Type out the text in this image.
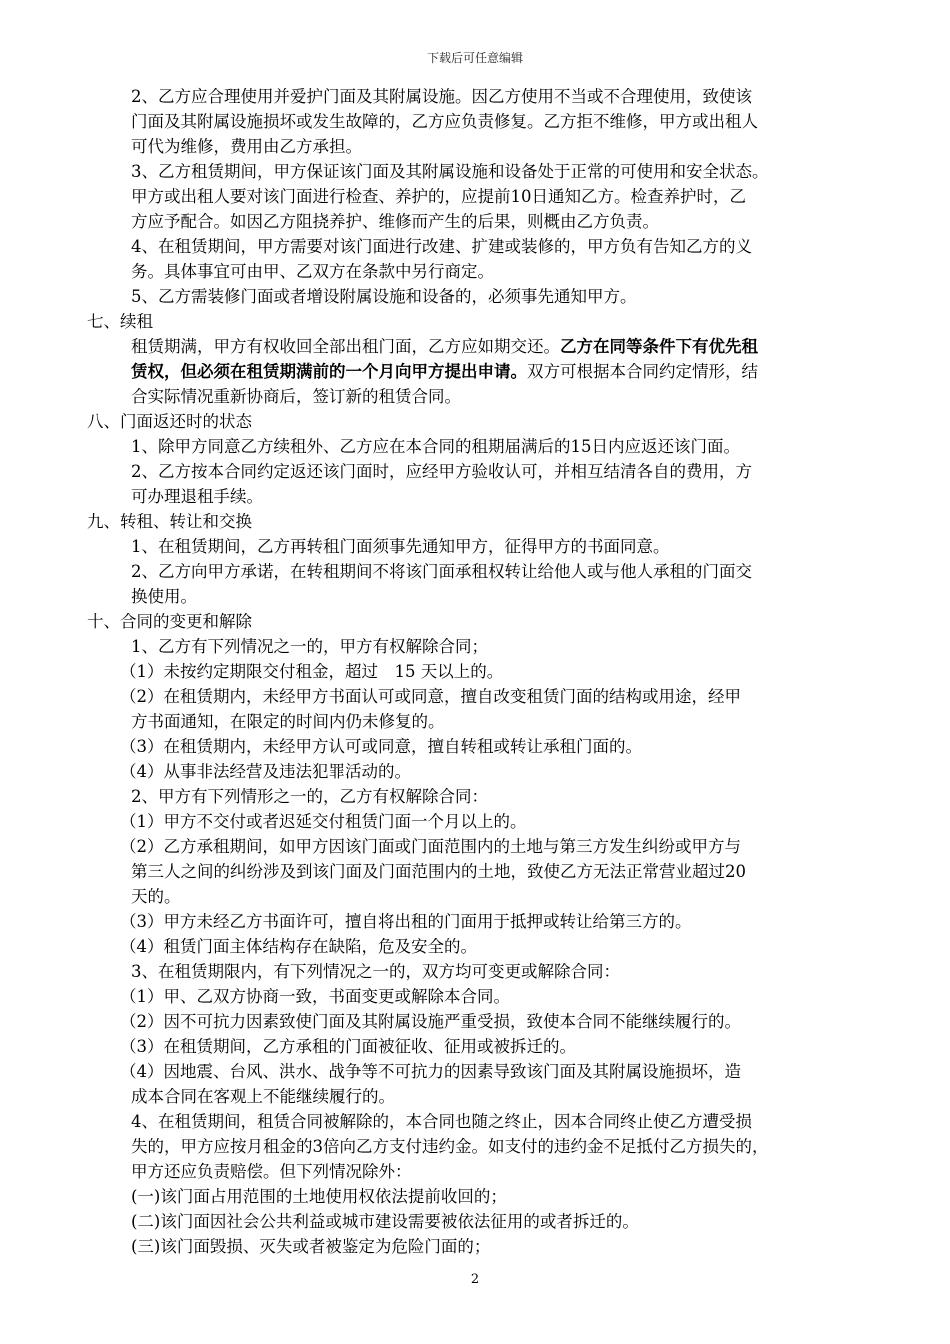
下载后可任意编辑
2、乙方应合理使用并爱护门面及其附属设施。因乙方使用不当或不合理使用，致使该
门面及其附属设施损坏或发生故障的，乙方应负责修复。乙方拒不维修，甲方或出租人
可代为维修，费用由乙方承担。
3、乙方租赁期间，甲方保证该门面及其附属设施和设备处于正常的可使用和安全状态。
甲方或出租人要对该门面进行检查、养护的，应提前10日通知乙方。检查养护时，乙
方应予配合。如因乙方阻挠养护、维修而产生的后果，则概由乙方负责。
4、在租赁期间，甲方需要对该门面进行改建、扩建或装修的，甲方负有告知乙方的义
务。具体事宜可由甲、乙双方在条款中另行商定。
5、乙方需装修门面或者增设附属设施和设备的，必须事先通知甲方。
七、续租
租赁期满，甲方有权收回全部出租门面，乙方应如期交还。乙方在同等条件下有优先租
赁权，但必须在租赁期满前的一个月向甲方提出申请。双方可根据本合同约定情形，结
合实际情况重新协商后，签订新的租赁合同。
八、门面返还时的状态
1、除甲方同意乙方续租外、乙方应在本合同的租期届满后的15日内应返还该门面。
2、乙方按本合同约定返还该门面时，应经甲方验收认可，并相互结清各自的费用，方
可办理退租手续。
九、转租、转让和交换
1、在租赁期间，乙方再转租门面须事先通知甲方，征得甲方的书面同意。
2、乙方向甲方承诺，在转租期间不将该门面承租权转让给他人或与他人承租的门面交
换使用。
十、合同的变更和解除
1、乙方有下列情况之一的，甲方有权解除合同；
（1）未按约定期限交付租金，超过　15 天以上的。
（2）在租赁期内，未经甲方书面认可或同意，擅自改变租赁门面的结构或用途，经甲
方书面通知，在限定的时间内仍未修复的。
（3）在租赁期内，未经甲方认可或同意，擅自转租或转让承租门面的。
（4）从事非法经营及违法犯罪活动的。
2、甲方有下列情形之一的，乙方有权解除合同：
（1）甲方不交付或者迟延交付租赁门面一个月以上的。
（2）乙方承租期间，如甲方因该门面或门面范围内的土地与第三方发生纠纷或甲方与
第三人之间的纠纷涉及到该门面及门面范围内的土地，致使乙方无法正常营业超过20
天的。
（3）甲方未经乙方书面许可，擅自将出租的门面用于抵押或转让给第三方的。
（4）租赁门面主体结构存在缺陷，危及安全的。
3、在租赁期限内，有下列情况之一的，双方均可变更或解除合同：
（1）甲、乙双方协商一致，书面变更或解除本合同。
（2）因不可抗力因素致使门面及其附属设施严重受损，致使本合同不能继续履行的。
（3）在租赁期间，乙方承租的门面被征收、征用或被拆迁的。
（4）因地震、台风、洪水、战争等不可抗力的因素导致该门面及其附属设施损坏，造
成本合同在客观上不能继续履行的。
4、在租赁期间，租赁合同被解除的，本合同也随之终止，因本合同终止使乙方遭受损
失的，甲方应按月租金的3倍向乙方支付违约金。如支付的违约金不足抵付乙方损失的，
甲方还应负责赔偿。但下列情况除外：
(一)该门面占用范围的土地使用权依法提前收回的；
(二)该门面因社会公共利益或城市建设需要被依法征用的或者拆迁的。
(三)该门面毁损、灭失或者被鉴定为危险门面的；
2
